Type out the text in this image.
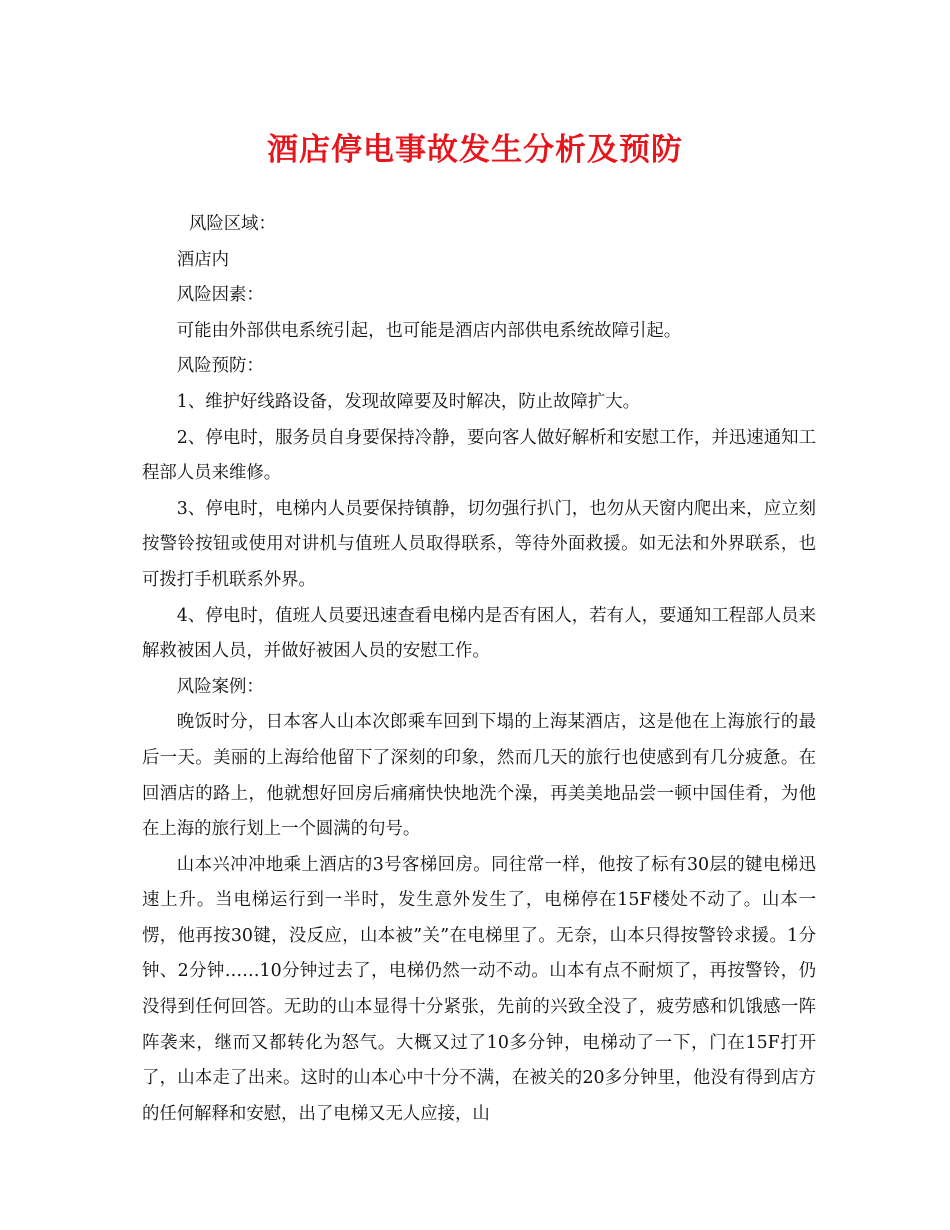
酒店停电事故发生分析及预防

风险区域：

酒店内

风险因素：

可能由外部供电系统引起，也可能是酒店内部供电系统故障引起。

风险预防：

1、维护好线路设备，发现故障要及时解决，防止故障扩大。

2、停电时，服务员自身要保持冷静，要向客人做好解析和安慰工作，并迅速通知工程部人员来维修。

3、停电时，电梯内人员要保持镇静，切勿强行扒门，也勿从天窗内爬出来，应立刻按警铃按钮或使用对讲机与值班人员取得联系，等待外面救援。如无法和外界联系，也可拨打手机联系外界。

4、停电时，值班人员要迅速查看电梯内是否有困人，若有人，要通知工程部人员来解救被困人员，并做好被困人员的安慰工作。

风险案例：

晚饭时分，日本客人山本次郎乘车回到下塌的上海某酒店，这是他在上海旅行的最后一天。美丽的上海给他留下了深刻的印象，然而几天的旅行也使感到有几分疲惫。在回酒店的路上，他就想好回房后痛痛快快地洗个澡，再美美地品尝一顿中国佳肴，为他在上海的旅行划上一个圆满的句号。

山本兴冲冲地乘上酒店的3号客梯回房。同往常一样，他按了标有30层的键电梯迅速上升。当电梯运行到一半时，发生意外发生了，电梯停在15F楼处不动了。山本一愣，他再按30键，没反应，山本被”关”在电梯里了。无奈，山本只得按警铃求援。1分钟、2分钟……10分钟过去了，电梯仍然一动不动。山本有点不耐烦了，再按警铃，仍没得到任何回答。无助的山本显得十分紧张，先前的兴致全没了，疲劳感和饥饿感一阵阵袭来，继而又都转化为怒气。大概又过了10多分钟，电梯动了一下，门在15F打开了，山本走了出来。这时的山本心中十分不满，在被关的20多分钟里，他没有得到店方的任何解释和安慰，出了电梯又无人应接，山
